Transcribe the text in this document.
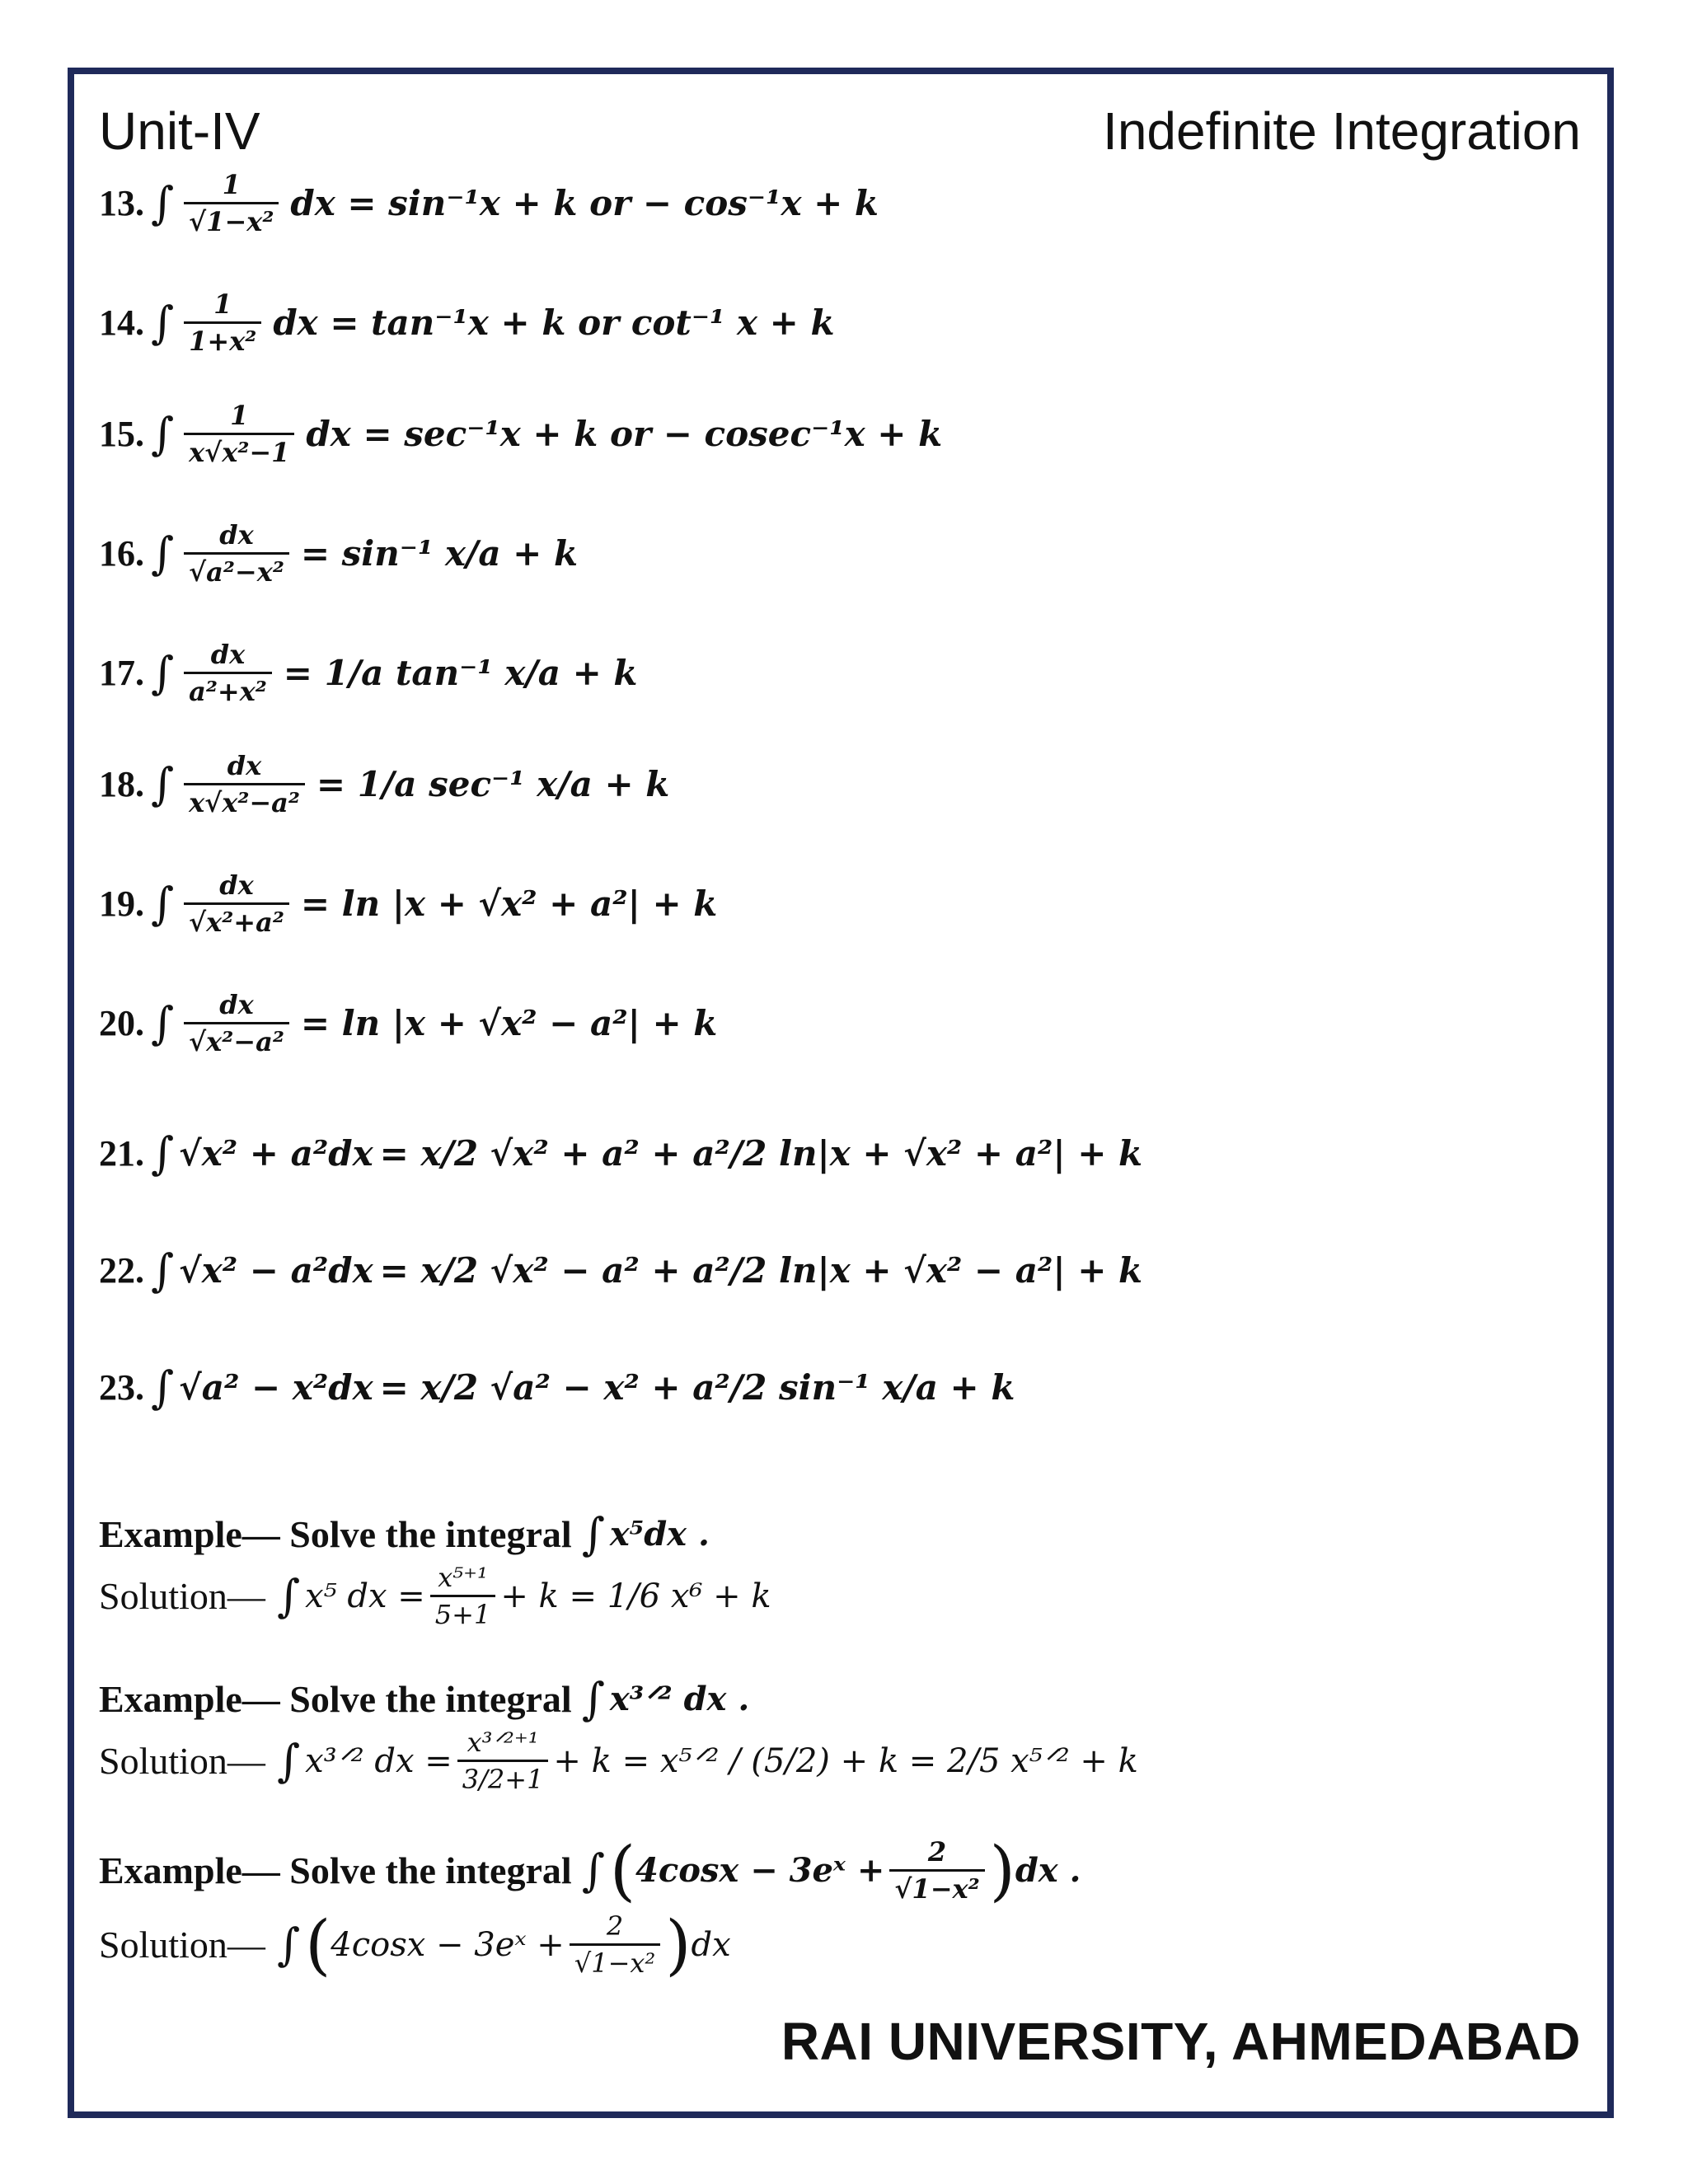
Unit-IV	Indefinite Integration
13. ∫ $\frac{1}{\text{√1−x²}}$ dx = sin⁻¹x + k or − cos⁻¹x + k
14. ∫ $\frac{1}{\text{1+x²}}$ dx = tan⁻¹x + k or cot⁻¹ x + k
15. ∫ $\frac{1}{\text{x√x²−1}}$ dx = sec⁻¹x + k or − cosec⁻¹x + k
16. ∫ $\frac{dx}{\text{√a²−x²}} = \sin^{-1}$ x/a + k
17. ∫ $\frac{dx}{\text{a²+x²}} = 1/a$ tan⁻¹ x/a + k
18. ∫ $\frac{dx}{\text{x√x²−a²}} = 1/a$ sec⁻¹ x/a + k
19. ∫ $\frac{dx}{\text{√x²+a²}} = \ln |x + √x^2 + a^2| + k$
20. ∫ $\frac{dx}{\text{√x²−a²}} = \ln |x + √x^2 - a^2| + k$
21. ∫ √x² + a²dx = x/2 √x² + a² + a²/2 ln|x + √x² + a²| + k
22. ∫ √x² − a²dx = x/2 √x² − a² + a²/2 ln|x + √x² − a²| + k
23. ∫ √a² − x²dx = x/2 √a² − x² + a²/2 sin⁻¹ x/a + k
Example— Solve the integral ∫ x⁵dx .
Solution— ∫ x⁵ dx = $\frac{\text{x⁵⁺¹}}{5+1} + k = 1/6$ x⁶ + k
Example— Solve the integral ∫ x³ᐟ² dx .
Solution— ∫ x³ᐟ² dx = $\frac{\text{x³ᐟ²⁺¹}}{3/2+1} + k$ = x⁵ᐟ² / (5/2) + k = 2/5 x⁵ᐟ² + k
Example— Solve the integral ∫ ( 4cosx − 3eˣ + $\frac{2}{\text{√1−x²}}$ ) dx .
Solution— ∫ ( 4cosx − 3eˣ + $\frac{2}{\text{√1−x²}}$ ) dx
RAI UNIVERSITY, AHMEDABAD
